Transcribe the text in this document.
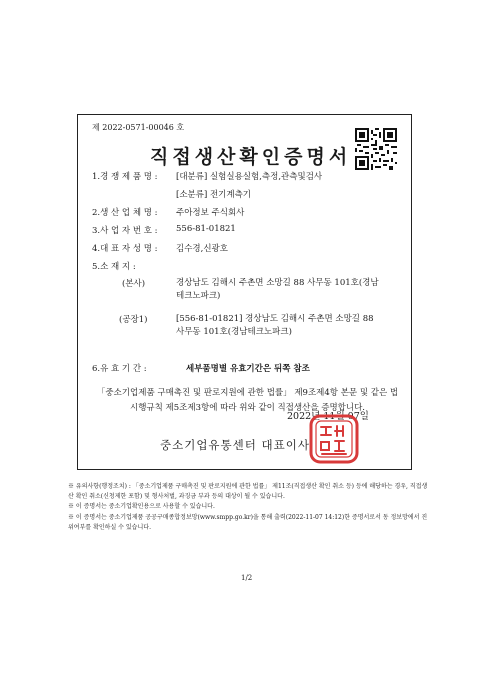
제 2022-0571-00046 호
직접생산확인증명서
1.경 쟁 제 품 명 : [대분류] 실험실용실험,측정,관측및검사
[소분류] 전기계측기
2.생 산 업 체 명 : 주아정보 주식회사
3.사 업 자 번 호 : 556-81-01821
4.대 표 자 성 명 : 김수경,신광호
5.소 재 지 :
(본사)	경상남도 김해시 주촌면 소망길 88 사무동 101호(경남테크노파크)
(공장1)	[556-81-01821] 경상남도 김해시 주촌면 소망길 88 사무동 101호(경남테크노파크)
6.유 효 기 간 :	세부품명별 유효기간은 뒤쪽 참조
「중소기업제품 구매촉진 및 판로지원에 관한 법률」 제9조제4항 본문 및 같은 법 시행규칙 제5조제3항에 따라 위와 같이 직접생산을 증명합니다.
2022년 11월 07일
중소기업유통센터 대표이사
※ 유의사항(행정조치) : 「중소기업제품 구매촉진 및 판로지원에 관한 법률」 제11조(직접생산 확인 취소 등) 등에 해당하는 경우, 직접생산 확인 취소(신청제한 포함) 및 형사처벌, 과징금 부과 등의 대상이 될 수 있습니다.
※ 이 증명서는 중소기업확인용으로 사용할 수 있습니다.
※ 이 증명서는 중소기업제품 공공구매종합정보망(www.smpp.go.kr)을 통해 출력(2022-11-07 14:12)한 증명서로서 동 정보망에서 진위여부를 확인하실 수 있습니다.
1/2
